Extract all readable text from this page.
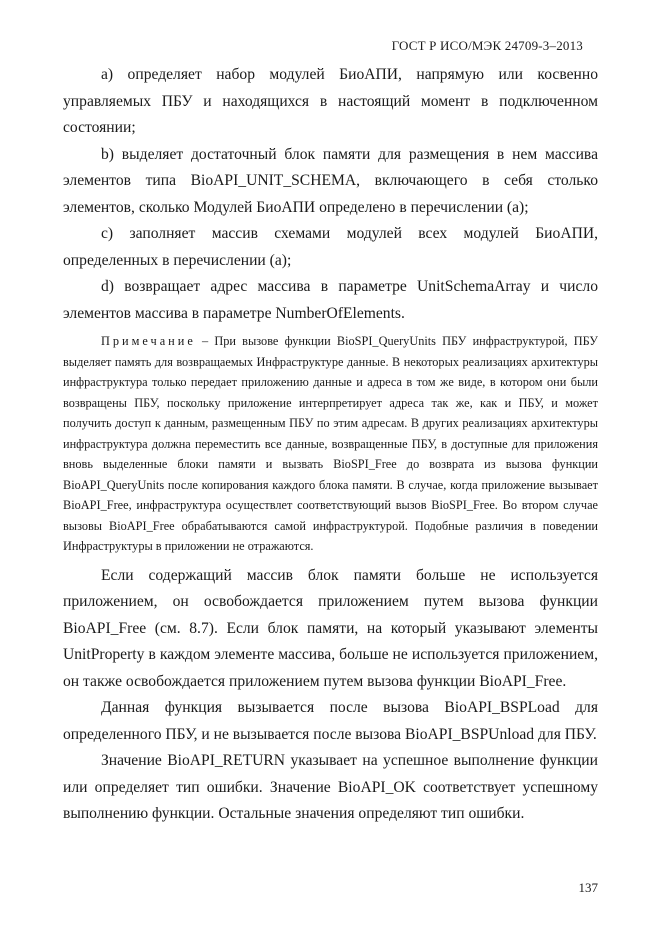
ГОСТ Р ИСО/МЭК 24709-3–2013

а) определяет набор модулей БиоАПИ, напрямую или косвенно управляемых ПБУ и находящихся в настоящий момент в подключенном состоянии;

b) выделяет достаточный блок памяти для размещения в нем массива элементов типа BioAPI_UNIT_SCHEMA, включающего в себя столько элементов, сколько Модулей БиоАПИ определено в перечислении (а);

с) заполняет массив схемами модулей всех модулей БиоАПИ, определенных в перечислении (а);

d) возвращает адрес массива в параметре UnitSchemaArray и число элементов массива в параметре NumberOfElements.

Примечание – При вызове функции BioSPI_QueryUnits ПБУ инфраструктурой, ПБУ выделяет память для возвращаемых Инфраструктуре данные. В некоторых реализациях архитектуры инфраструктура только передает приложению данные и адреса в том же виде, в котором они были возвращены ПБУ, поскольку приложение интерпретирует адреса так же, как и ПБУ, и может получить доступ к данным, размещенным ПБУ по этим адресам. В других реализациях архитектуры инфраструктура должна переместить все данные, возвращенные ПБУ, в доступные для приложения вновь выделенные блоки памяти и вызвать BioSPI_Free до возврата из вызова функции BioAPI_QueryUnits после копирования каждого блока памяти. В случае, когда приложение вызывает BioAPI_Free, инфраструктура осуществлет соответствующий вызов BioSPI_Free. Во втором случае вызовы BioAPI_Free обрабатываются самой инфраструктурой. Подобные различия в поведении Инфраструктуры в приложении не отражаются.

Если содержащий массив блок памяти больше не используется приложением, он освобождается приложением путем вызова функции BioAPI_Free (см. 8.7). Если блок памяти, на который указывают элементы UnitProperty в каждом элементе массива, больше не используется приложением, он также освобождается приложением путем вызова функции BioAPI_Free.

Данная функция вызывается после вызова BioAPI_BSPLoad для определенного ПБУ, и не вызывается после вызова BioAPI_BSPUnload для ПБУ.

Значение BioAPI_RETURN указывает на успешное выполнение функции или определяет тип ошибки. Значение BioAPI_OK соответствует успешному выполнению функции. Остальные значения определяют тип ошибки.

137
